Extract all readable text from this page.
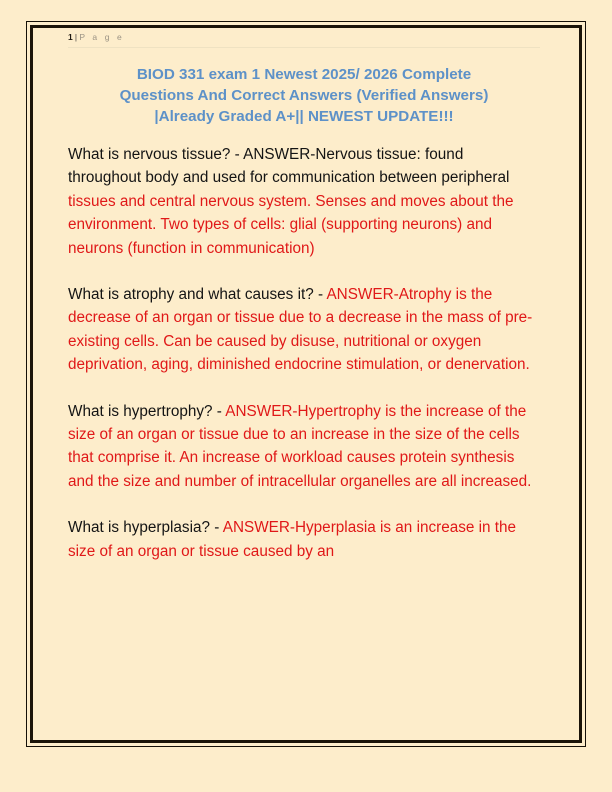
1 | P a g e
BIOD 331 exam 1 Newest 2025/ 2026 Complete
Questions And Correct Answers (Verified Answers)
|Already Graded A+|| NEWEST UPDATE!!!
What is nervous tissue? - ANSWER-Nervous tissue: found throughout body and used for communication between peripheral tissues and central nervous system. Senses and moves about the environment. Two types of cells: glial (supporting neurons) and neurons (function in communication)
What is atrophy and what causes it? - ANSWER-Atrophy is the decrease of an organ or tissue due to a decrease in the mass of pre-existing cells. Can be caused by disuse, nutritional or oxygen deprivation, aging, diminished endocrine stimulation, or denervation.
What is hypertrophy? - ANSWER-Hypertrophy is the increase of the size of an organ or tissue due to an increase in the size of the cells that comprise it. An increase of workload causes protein synthesis and the size and number of intracellular organelles are all increased.
What is hyperplasia? - ANSWER-Hyperplasia is an increase in the size of an organ or tissue caused by an
